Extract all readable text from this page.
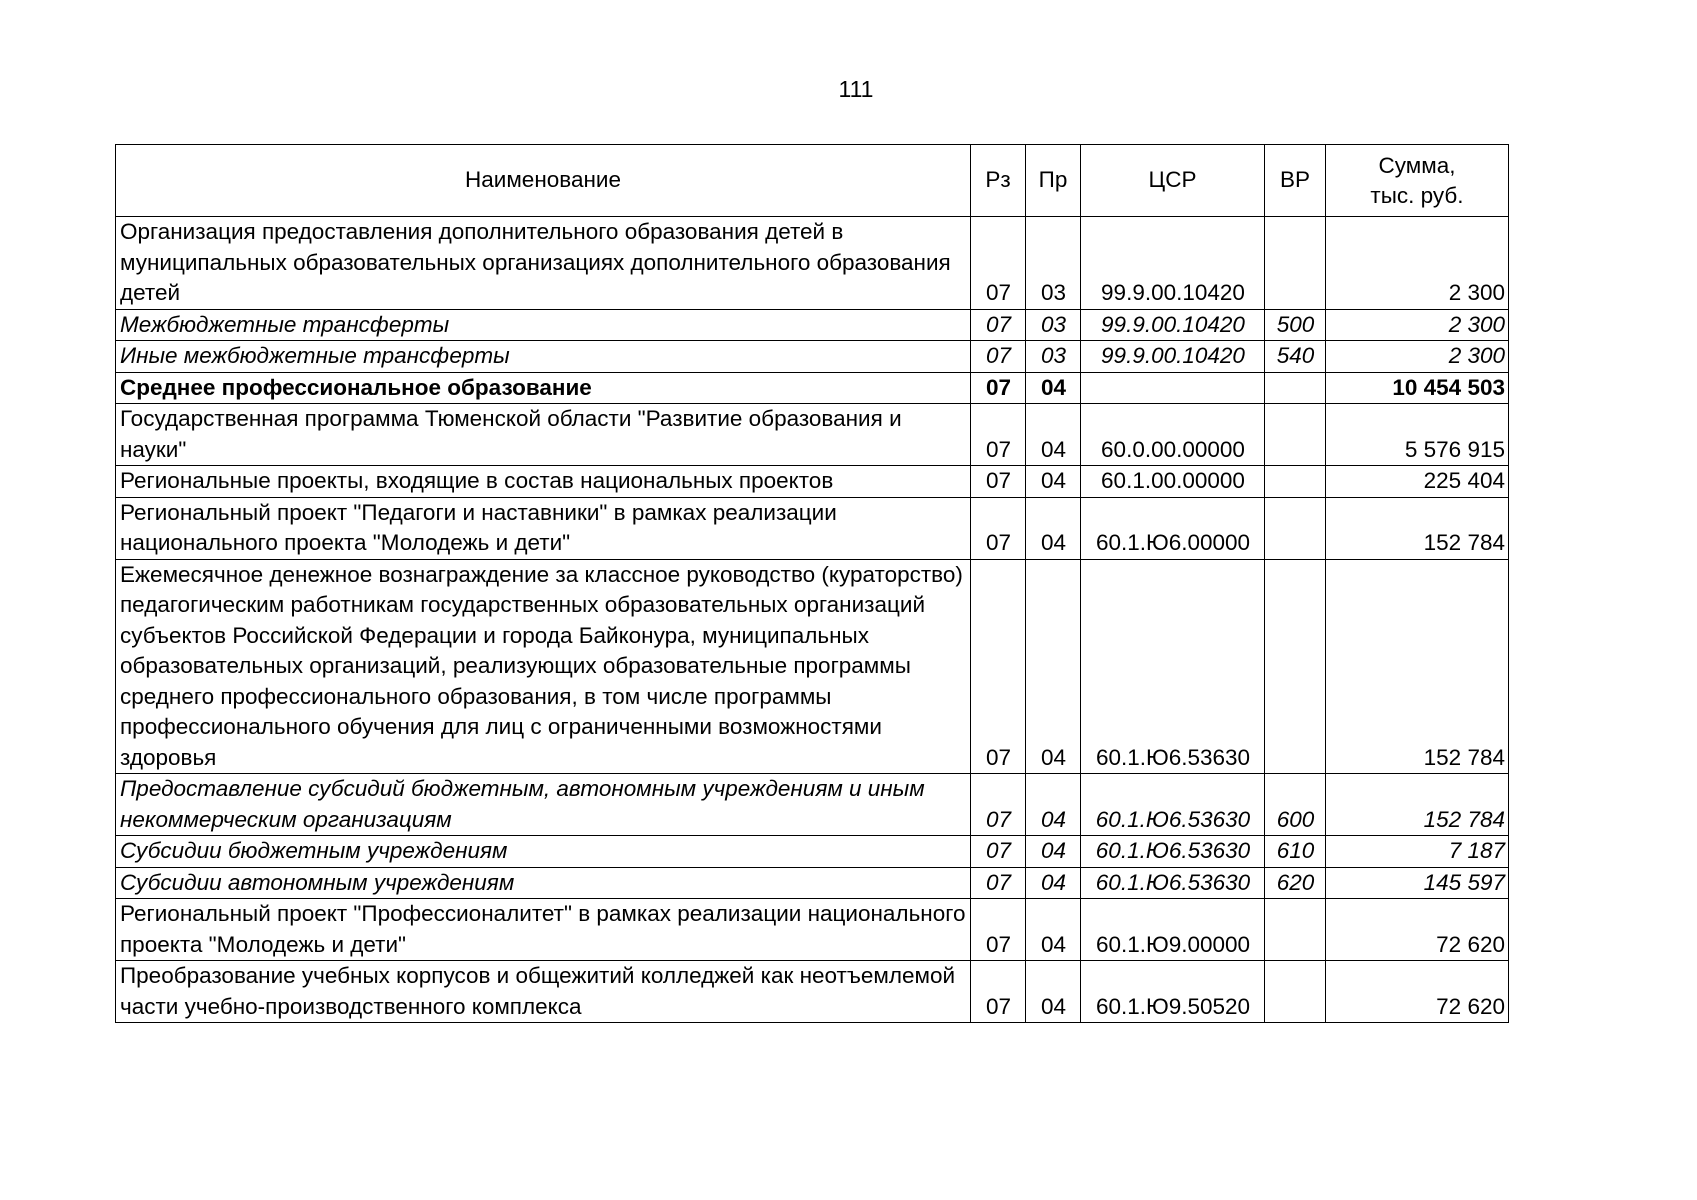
111
Наименование	Рз	Пр	ЦСР	ВР	Сумма,
тыс. руб.

Организация предоставления дополнительного образования детей в муниципальных образовательных организациях дополнительного образования детей	07	03	99.9.00.10420		2 300
Межбюджетные трансферты	07	03	99.9.00.10420	500	2 300
Иные межбюджетные трансферты	07	03	99.9.00.10420	540	2 300
Среднее профессиональное образование	07	04			10 454 503
Государственная программа Тюменской области "Развитие образования и науки"	07	04	60.0.00.00000		5 576 915
Региональные проекты, входящие в состав национальных проектов	07	04	60.1.00.00000		225 404
Региональный проект "Педагоги и наставники" в рамках реализации национального проекта "Молодежь и дети"	07	04	60.1.Ю6.00000		152 784
Ежемесячное денежное вознаграждение за классное руководство (кураторство) педагогическим работникам государственных образовательных организаций субъектов Российской Федерации и города Байконура, муниципальных образовательных организаций, реализующих образовательные программы среднего профессионального образования, в том числе программы профессионального обучения для лиц с ограниченными возможностями здоровья	07	04	60.1.Ю6.53630		152 784
Предоставление субсидий бюджетным, автономным учреждениям и иным некоммерческим организациям	07	04	60.1.Ю6.53630	600	152 784
Субсидии бюджетным учреждениям	07	04	60.1.Ю6.53630	610	7 187
Субсидии автономным учреждениям	07	04	60.1.Ю6.53630	620	145 597
Региональный проект "Профессионалитет" в рамках реализации национального проекта "Молодежь и дети"	07	04	60.1.Ю9.00000		72 620
Преобразование учебных корпусов и общежитий колледжей как неотъемлемой части учебно-производственного комплекса	07	04	60.1.Ю9.50520		72 620
